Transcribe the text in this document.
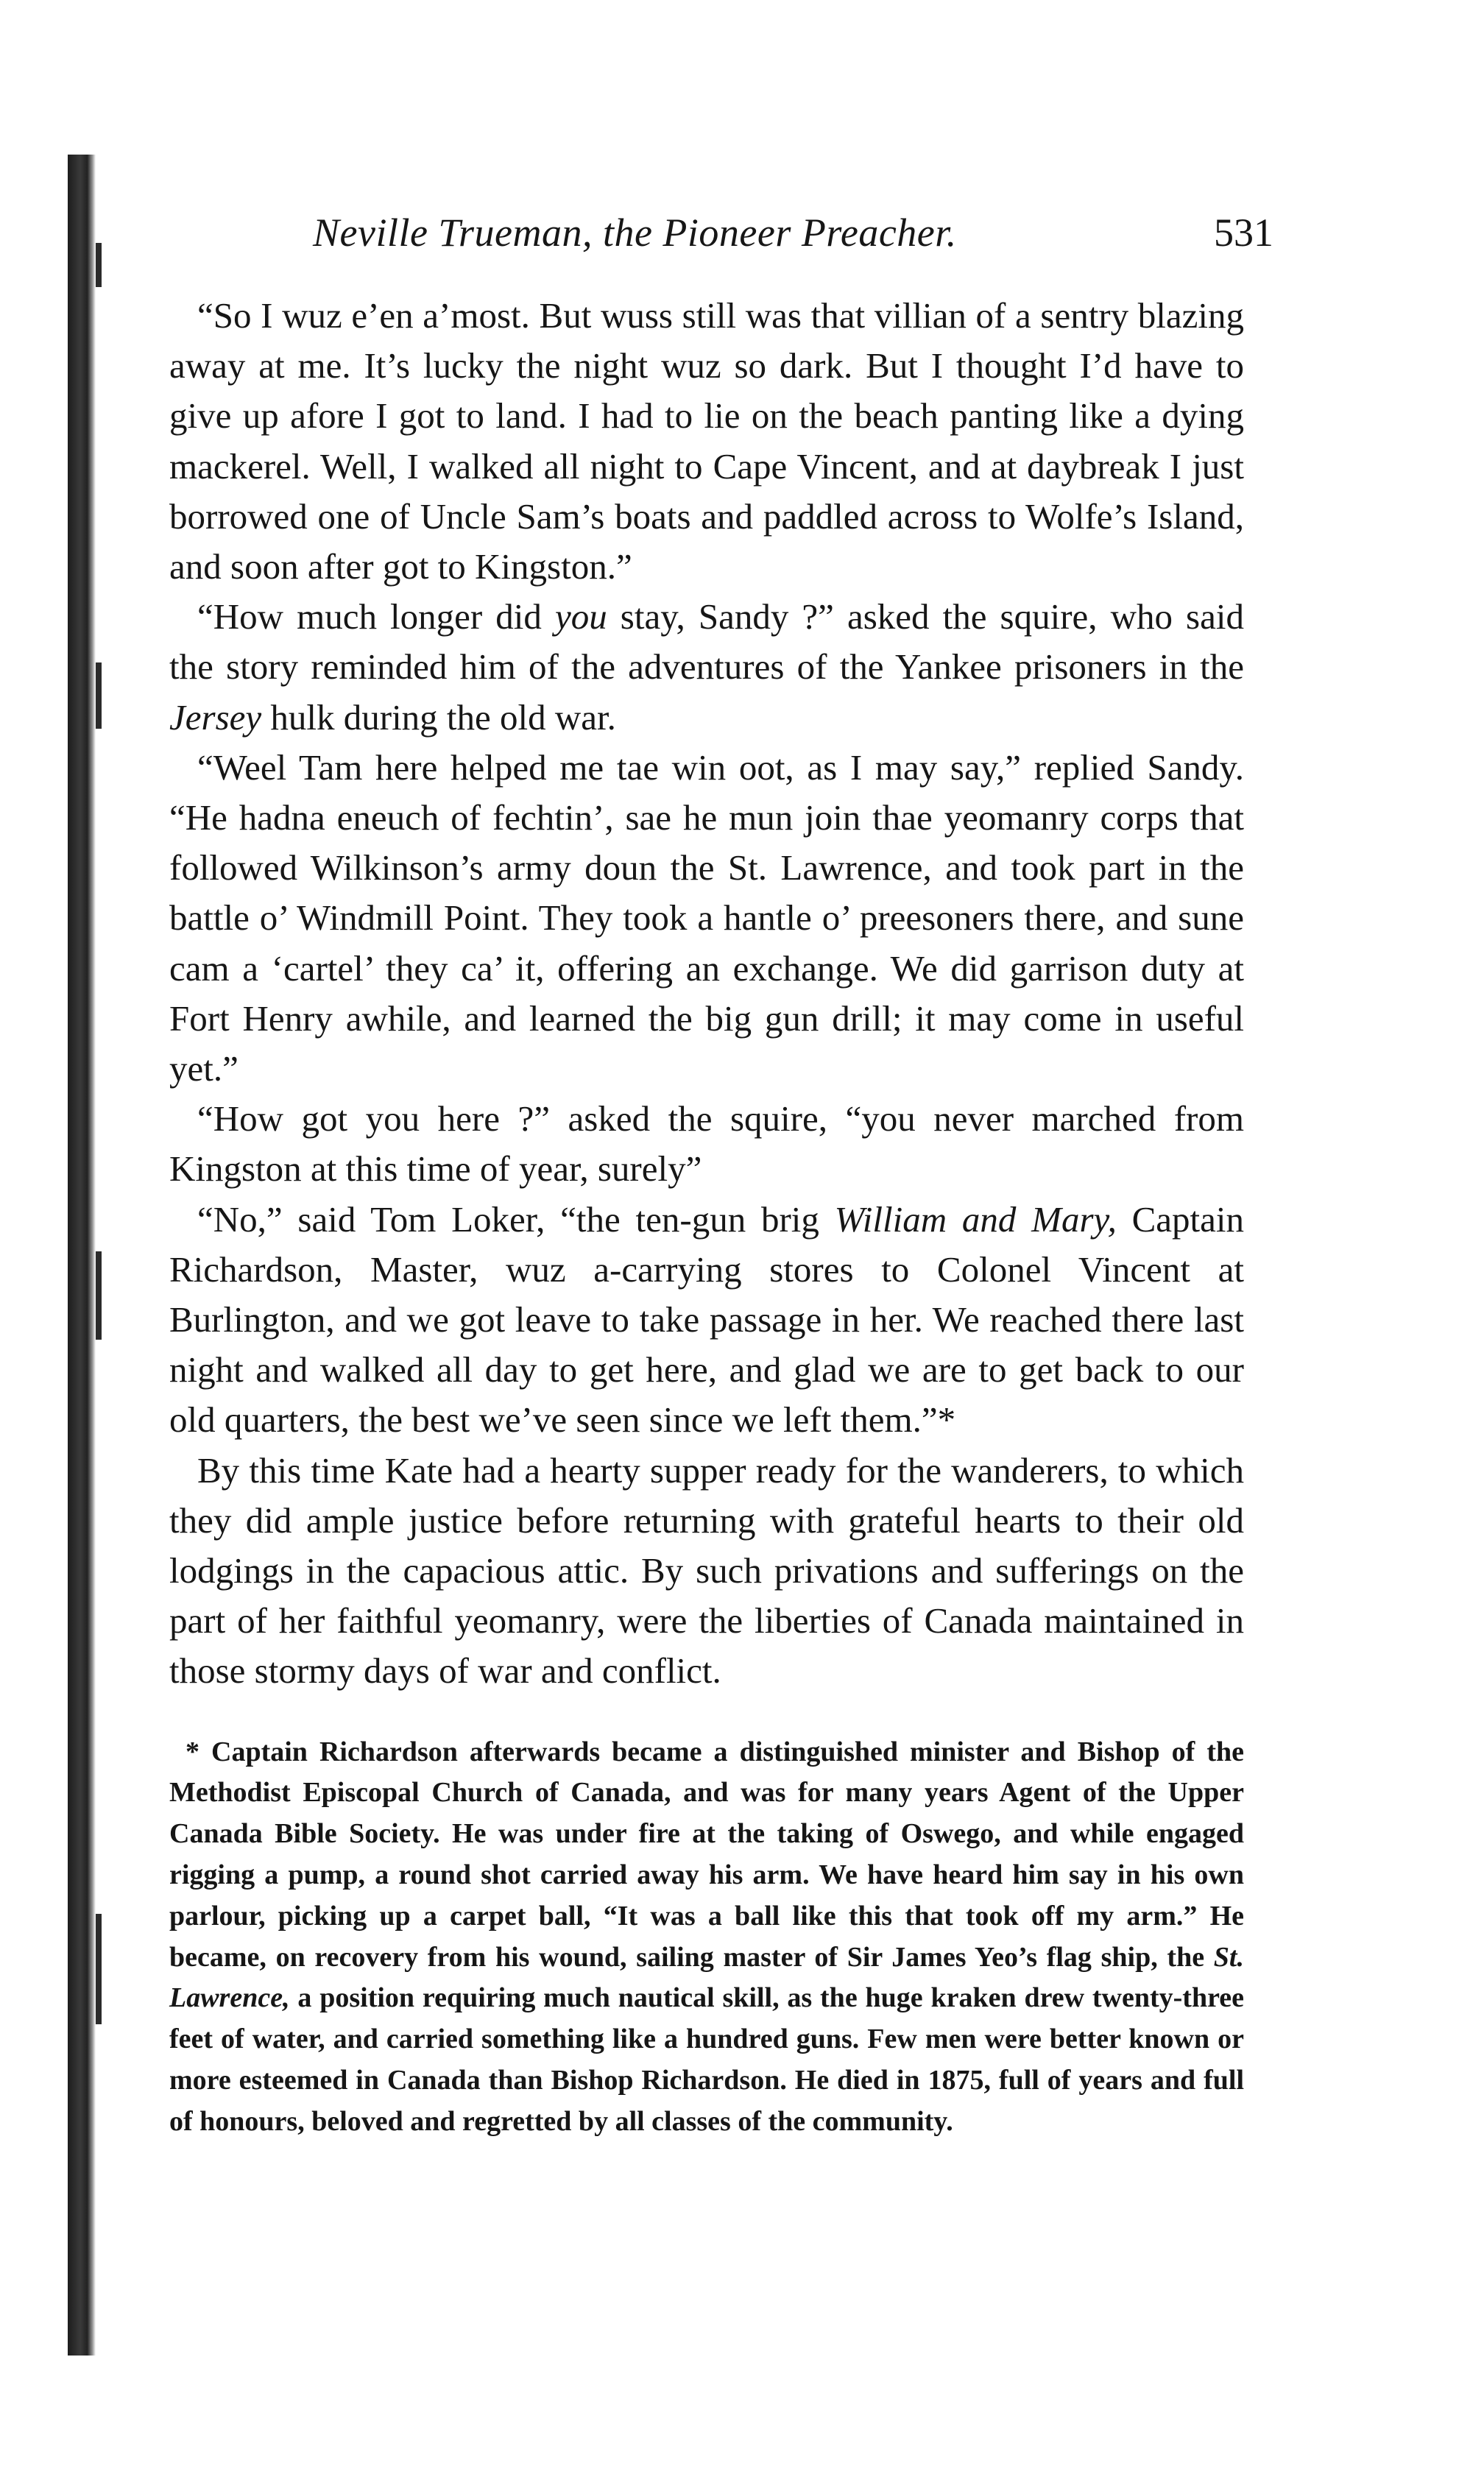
Neville Trueman, the Pioneer Preacher.	531

“So I wuz e’en a’most. But wuss still was that villian of a sentry blazing away at me. It’s lucky the night wuz so dark. But I thought I’d have to give up afore I got to land. I had to lie on the beach panting like a dying mackerel. Well, I walked all night to Cape Vincent, and at daybreak I just borrowed one of Uncle Sam’s boats and paddled across to Wolfe’s Island, and soon after got to Kingston.”

“How much longer did you stay, Sandy ?” asked the squire, who said the story reminded him of the adventures of the Yankee prisoners in the Jersey hulk during the old war.

“Weel Tam here helped me tae win oot, as I may say,” replied Sandy. “He hadna eneuch of fechtin’, sae he mun join thae yeomanry corps that followed Wilkinson’s army doun the St. Lawrence, and took part in the battle o’ Windmill Point. They took a hantle o’ preesoners there, and sune cam a ‘cartel’ they ca’ it, offering an exchange. We did garrison duty at Fort Henry awhile, and learned the big gun drill; it may come in useful yet.”

“How got you here ?” asked the squire, “you never marched from Kingston at this time of year, surely”

“No,” said Tom Loker, “the ten-gun brig William and Mary, Captain Richardson, Master, wuz a-carrying stores to Colonel Vincent at Burlington, and we got leave to take passage in her. We reached there last night and walked all day to get here, and glad we are to get back to our old quarters, the best we’ve seen since we left them.”*

By this time Kate had a hearty supper ready for the wanderers, to which they did ample justice before returning with grateful hearts to their old lodgings in the capacious attic. By such privations and sufferings on the part of her faithful yeomanry, were the liberties of Canada maintained in those stormy days of war and conflict.

* Captain Richardson afterwards became a distinguished minister and Bishop of the Methodist Episcopal Church of Canada, and was for many years Agent of the Upper Canada Bible Society. He was under fire at the taking of Oswego, and while engaged rigging a pump, a round shot carried away his arm. We have heard him say in his own parlour, picking up a carpet ball, “It was a ball like this that took off my arm.” He became, on recovery from his wound, sailing master of Sir James Yeo’s flag ship, the St. Lawrence, a position requiring much nautical skill, as the huge kraken drew twenty-three feet of water, and carried something like a hundred guns. Few men were better known or more esteemed in Canada than Bishop Richardson. He died in 1875, full of years and full of honours, beloved and regretted by all classes of the community.
